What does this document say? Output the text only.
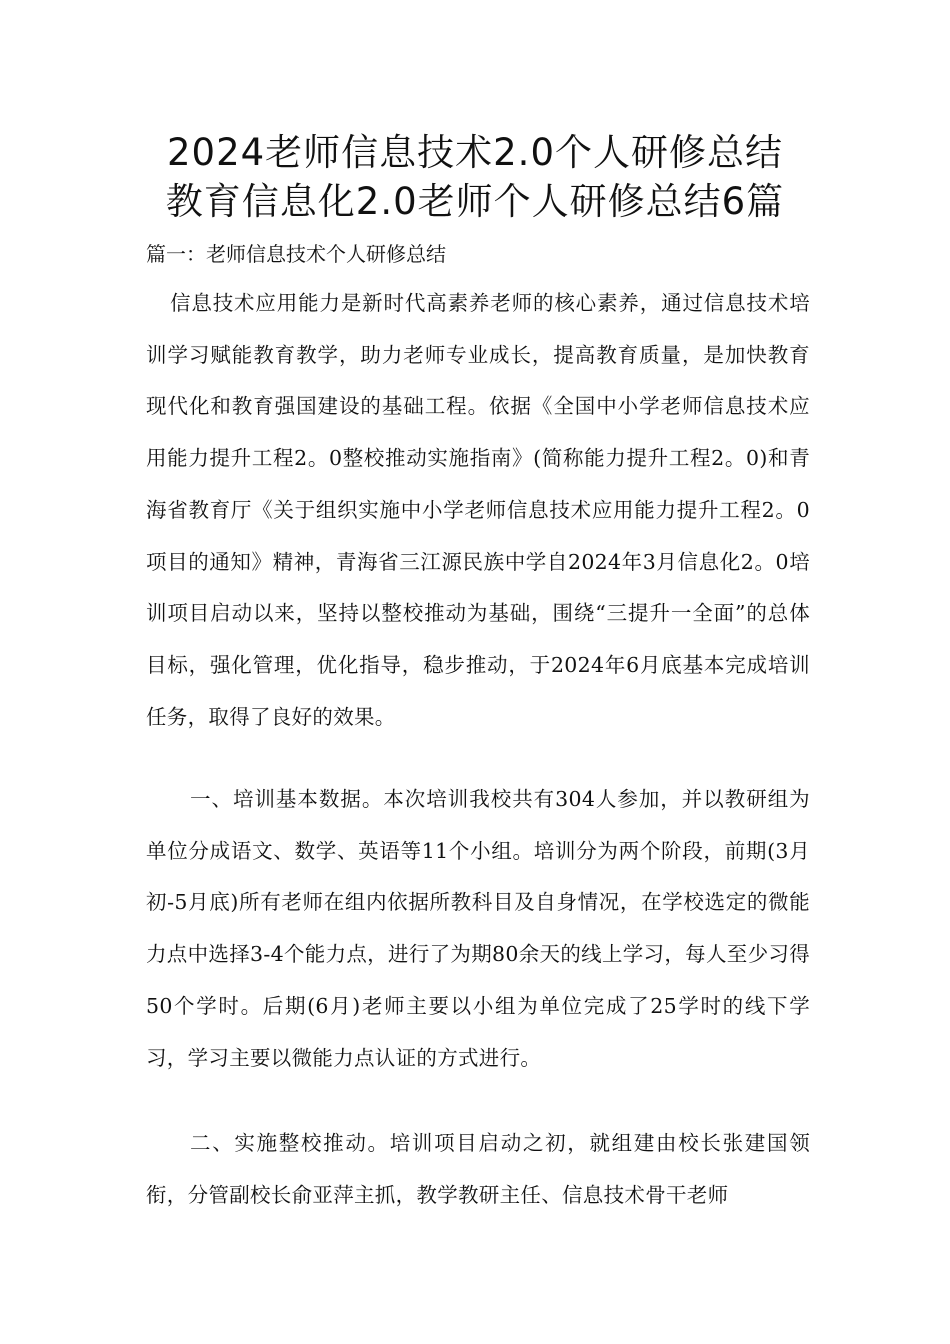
2024老师信息技术2.0个人研修总结
教育信息化2.0老师个人研修总结6篇
篇一：老师信息技术个人研修总结

信息技术应用能力是新时代高素养老师的核心素养，通过信息技术培训学习赋能教育教学，助力老师专业成长，提高教育质量，是加快教育现代化和教育强国建设的基础工程。依据《全国中小学老师信息技术应用能力提升工程2。0整校推动实施指南》(简称能力提升工程2。0)和青海省教育厅《关于组织实施中小学老师信息技术应用能力提升工程2。0项目的通知》精神，青海省三江源民族中学自2024年3月信息化2。0培训项目启动以来，坚持以整校推动为基础，围绕“三提升一全面”的总体目标，强化管理，优化指导，稳步推动，于2024年6月底基本完成培训任务，取得了良好的效果。

一、培训基本数据。本次培训我校共有304人参加，并以教研组为单位分成语文、数学、英语等11个小组。培训分为两个阶段，前期(3月初-5月底)所有老师在组内依据所教科目及自身情况，在学校选定的微能力点中选择3-4个能力点，进行了为期80余天的线上学习，每人至少习得50个学时。后期(6月)老师主要以小组为单位完成了25学时的线下学习，学习主要以微能力点认证的方式进行。

二、实施整校推动。培训项目启动之初，就组建由校长张建国领衔，分管副校长俞亚萍主抓，教学教研主任、信息技术骨干老师
